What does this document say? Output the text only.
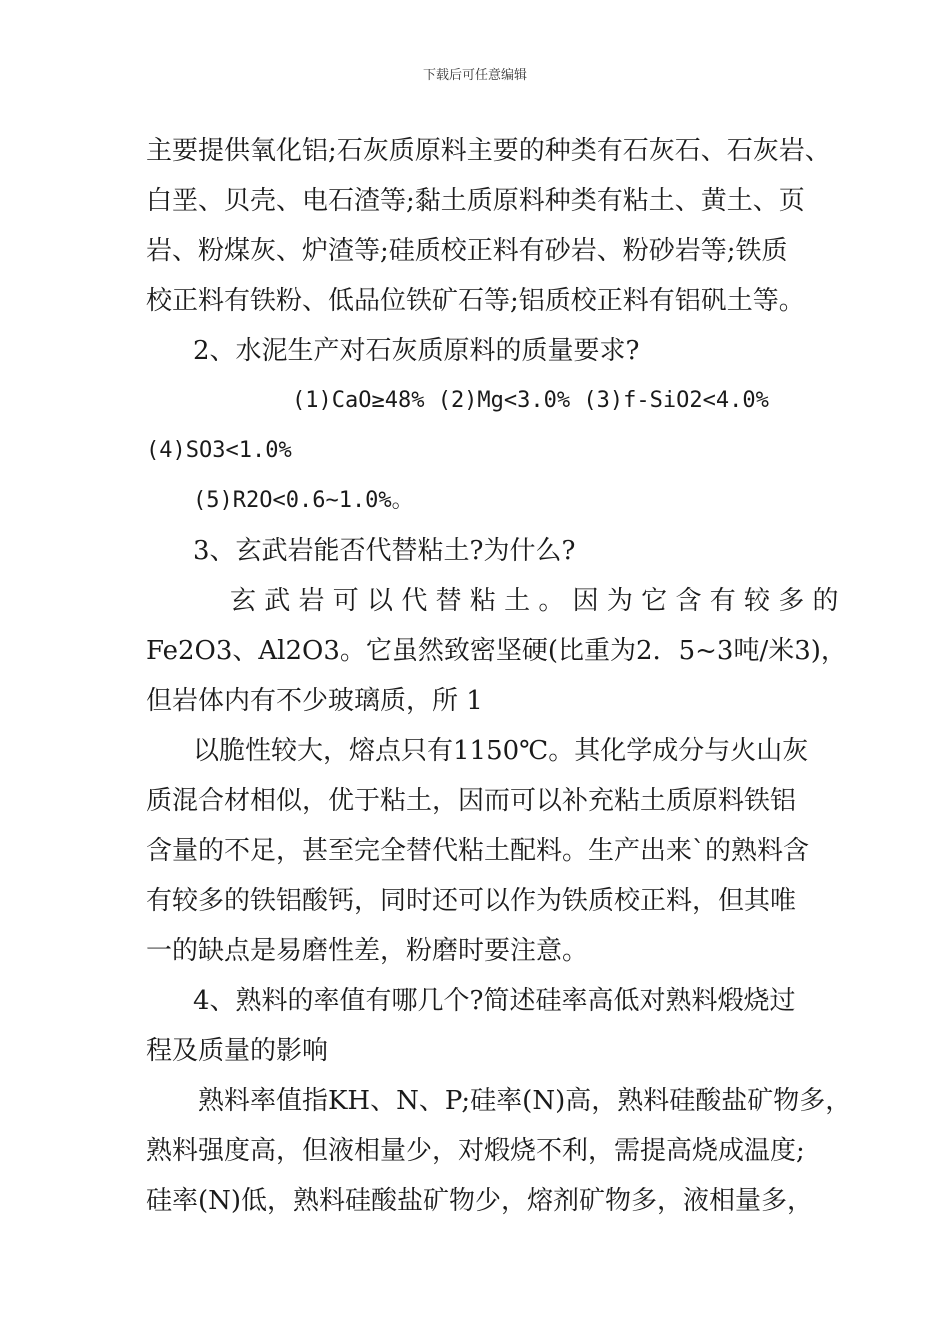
下载后可任意编辑
主要提供氧化铝;石灰质原料主要的种类有石灰石、石灰岩、
白垩、贝壳、电石渣等;黏土质原料种类有粘土、黄土、页
岩、粉煤灰、炉渣等;硅质校正料有砂岩、粉砂岩等;铁质
校正料有铁粉、低品位铁矿石等;铝质校正料有铝矾土等。
2、水泥生产对石灰质原料的质量要求?
(1)CaO≥48% (2)Mg<3.0% (3)f-SiO2<4.0%
(4)SO3<1.0%
(5)R2O<0.6~1.0%。
3、玄武岩能否代替粘土?为什么?
玄 武 岩 可 以 代 替 粘 土 。 因 为 它 含 有 较 多 的
Fe2O3、Al2O3。它虽然致密坚硬(比重为2．5~3吨/米3)，
但岩体内有不少玻璃质，所 1
以脆性较大，熔点只有1150℃。其化学成分与火山灰
质混合材相似，优于粘土，因而可以补充粘土质原料铁铝
含量的不足，甚至完全替代粘土配料。生产出来`的熟料含
有较多的铁铝酸钙，同时还可以作为铁质校正料，但其唯
一的缺点是易磨性差，粉磨时要注意。
4、熟料的率值有哪几个?简述硅率高低对熟料煅烧过
程及质量的影响
熟料率值指KH、N、P;硅率(N)高，熟料硅酸盐矿物多，
熟料强度高，但液相量少，对煅烧不利，需提高烧成温度;
硅率(N)低，熟料硅酸盐矿物少，熔剂矿物多，液相量多，
